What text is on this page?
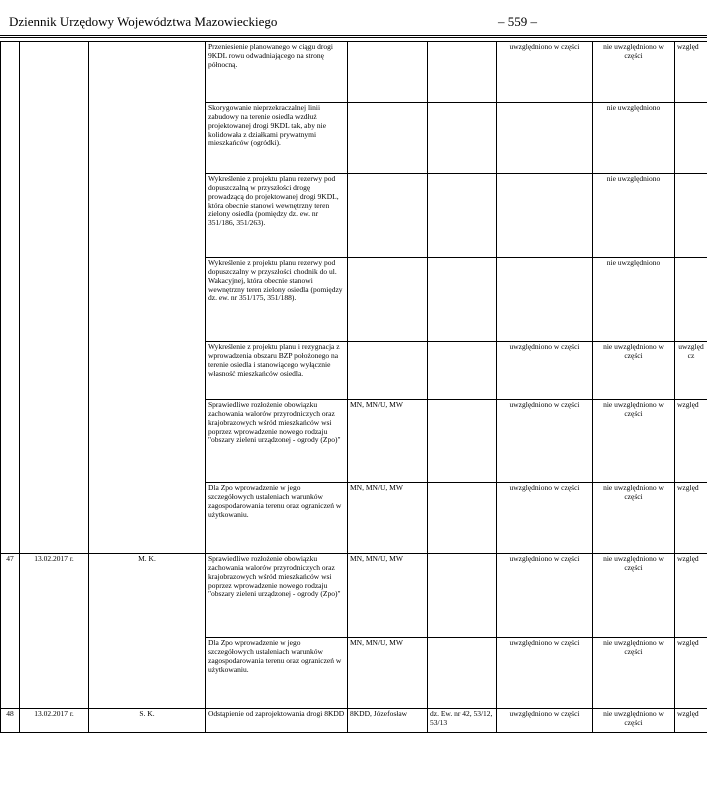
Dziennik Urzędowy Województwa Mazowieckiego	– 559 –
			Przeniesienie planowanego w ciągu drogi 9KDL rowu odwadniającego na stronę północną.			uwzględniono w części	nie uwzględniono w części	względ
			Skorygowanie nieprzekraczalnej linii zabudowy na terenie osiedla wzdłuż projektowanej drogi 9KDL tak, aby nie kolidowała z działkami prywatnymi mieszkańców (ogródki).				nie uwzględniono	
			Wykreślenie z projektu planu rezerwy pod dopuszczalną w przyszłości drogę prowadzącą do projektowanej drogi 9KDL, która obecnie stanowi wewnętrzny teren zielony osiedla (pomiędzy dz. ew. nr 351/186, 351/263).				nie uwzględniono	
			Wykreślenie z projektu planu rezerwy pod dopuszczalny w przyszłości chodnik do ul. Wakacyjnej, która obecnie stanowi wewnętrzny teren zielony osiedla (pomiędzy dz. ew. nr 351/175, 351/188).				nie uwzględniono	
			Wykreślenie z projektu planu i rezygnacja z wprowadzenia obszaru BZP położonego na terenie osiedla i stanowiącego wyłącznie własność mieszkańców osiedla.			uwzględniono w części	nie uwzględniono w części	uwzględ cz
			Sprawiedliwe rozłożenie obowiązku zachowania walorów przyrodniczych oraz krajobrazowych wśród mieszkańców wsi poprzez wprowadzenie nowego rodzaju "obszary zieleni urządzonej - ogrody (Zpo)"	MN, MN/U, MW		uwzględniono w części	nie uwzględniono w części	względ
			Dla Zpo wprowadzenie w jego szczegółowych ustaleniach warunków zagospodarowania terenu oraz ograniczeń w użytkowaniu.	MN, MN/U, MW		uwzględniono w części	nie uwzględniono w części	względ
47	13.02.2017 r.	M. K.	Sprawiedliwe rozłożenie obowiązku zachowania walorów przyrodniczych oraz krajobrazowych wśród mieszkańców wsi poprzez wprowadzenie nowego rodzaju "obszary zieleni urządzonej - ogrody (Zpo)"	MN, MN/U, MW		uwzględniono w części	nie uwzględniono w części	względ
			Dla Zpo wprowadzenie w jego szczegółowych ustaleniach warunków zagospodarowania terenu oraz ograniczeń w użytkowaniu.	MN, MN/U, MW		uwzględniono w części	nie uwzględniono w części	względ
48	13.02.2017 r.	S. K.	Odstąpienie od zaprojektowania drogi 8KDD	8KDD, Józefosław	dz. Ew. nr 42, 53/12, 53/13	uwzględniono w części	nie uwzględniono w części	względ
